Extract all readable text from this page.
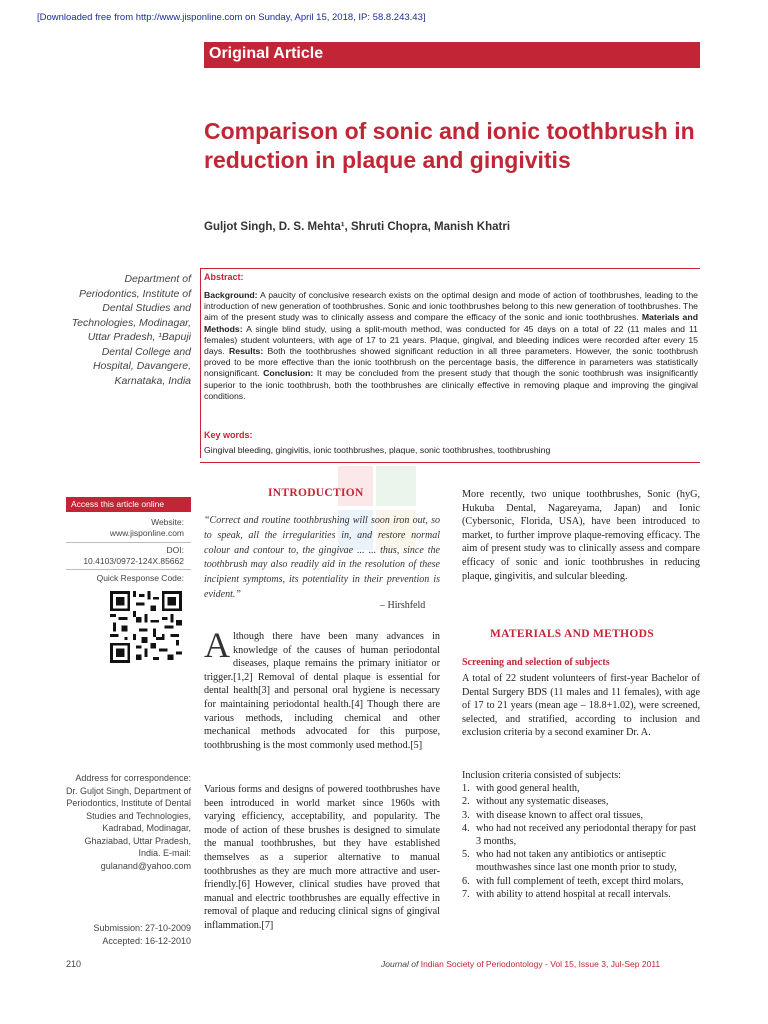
[Downloaded free from http://www.jisponline.com on Sunday, April 15, 2018, IP: 58.8.243.43]
Original Article
Comparison of sonic and ionic toothbrush in reduction in plaque and gingivitis
Guljot Singh, D. S. Mehta¹, Shruti Chopra, Manish Khatri
Department of Periodontics, Institute of Dental Studies and Technologies, Modinagar, Uttar Pradesh, ¹Bapuji Dental College and Hospital, Davangere, Karnataka, India
Abstract:
Background: A paucity of conclusive research exists on the optimal design and mode of action of toothbrushes, leading to the introduction of new generation of toothbrushes. Sonic and ionic toothbrushes belong to this new generation of toothbrushes. The aim of the present study was to clinically assess and compare the efficacy of the sonic and ionic toothbrushes. Materials and Methods: A single blind study, using a split-mouth method, was conducted for 45 days on a total of 22 (11 males and 11 females) student volunteers, with age of 17 to 21 years. Plaque, gingival, and bleeding indices were recorded after every 15 days. Results: Both the toothbrushes showed significant reduction in all three parameters. However, the sonic toothbrush proved to be more effective than the ionic toothbrush on the percentage basis, the difference in parameters was statistically nonsignificant. Conclusion: It may be concluded from the present study that though the sonic toothbrush was insignificantly superior to the ionic toothbrush, both the toothbrushes are clinically effective in removing plaque and improving the gingival conditions.
Key words:
Gingival bleeding, gingivitis, ionic toothbrushes, plaque, sonic toothbrushes, toothbrushing
Access this article online
Website:
www.jisponline.com
DOI:
10.4103/0972-124X.85662
Quick Response Code:
INTRODUCTION
“Correct and routine toothbrushing will soon iron out, so to speak, all the irregularities in, and restore normal colour and contour to, the gingivae ... ... thus, since the toothbrush may also readily aid in the resolution of these incipient symptoms, its potentiality in their prevention is evident.”
– Hirshfeld
A lthough there have been many advances in knowledge of the causes of human periodontal diseases, plaque remains the primary initiator or trigger.[1,2] Removal of dental plaque is essential for dental health[3] and personal oral hygiene is necessary for maintaining periodontal health.[4] Though there are various methods, including chemical and other mechanical methods advocated for this purpose, toothbrushing is the most commonly used method.[5]
Various forms and designs of powered toothbrushes have been introduced in world market since 1960s with varying efficiency, acceptability, and popularity. The mode of action of these brushes is designed to simulate the manual toothbrushes, but they have established themselves as a superior alternative to manual toothbrushes as they are much more attractive and user-friendly.[6] However, clinical studies have proved that manual and electric toothbrushes are equally effective in removal of plaque and reducing clinical signs of gingival inflammation.[7]
More recently, two unique toothbrushes, Sonic (hyG, Hukuba Dental, Nagareyama, Japan) and Ionic (Cybersonic, Florida, USA), have been introduced to market, to further improve plaque-removing efficacy. The aim of present study was to clinically assess and compare efficacy of sonic and ionic toothbrushes in reducing plaque, gingivitis, and sulcular bleeding.
MATERIALS AND METHODS
Screening and selection of subjects
A total of 22 student volunteers of first-year Bachelor of Dental Surgery BDS (11 males and 11 females), with age of 17 to 21 years (mean age – 18.8+1.02), were screened, selected, and stratified, according to inclusion and exclusion criteria by a second examiner Dr. A.
Inclusion criteria consisted of subjects:
1. with good general health,
2. without any systematic diseases,
3. with disease known to affect oral tissues,
4. who had not received any periodontal therapy for past 3 months,
5. who had not taken any antibiotics or antiseptic mouthwashes since last one month prior to study,
6. with full complement of teeth, except third molars,
7. with ability to attend hospital at recall intervals.
Address for correspondence: Dr. Guljot Singh, Department of Periodontics, Institute of Dental Studies and Technologies, Kadrabad, Modinagar, Ghaziabad, Uttar Pradesh, India. E-mail: gulanand@yahoo.com
Submission: 27-10-2009
Accepted: 16-12-2010
210	Journal of Indian Society of Periodontology - Vol 15, Issue 3, Jul-Sep 2011
